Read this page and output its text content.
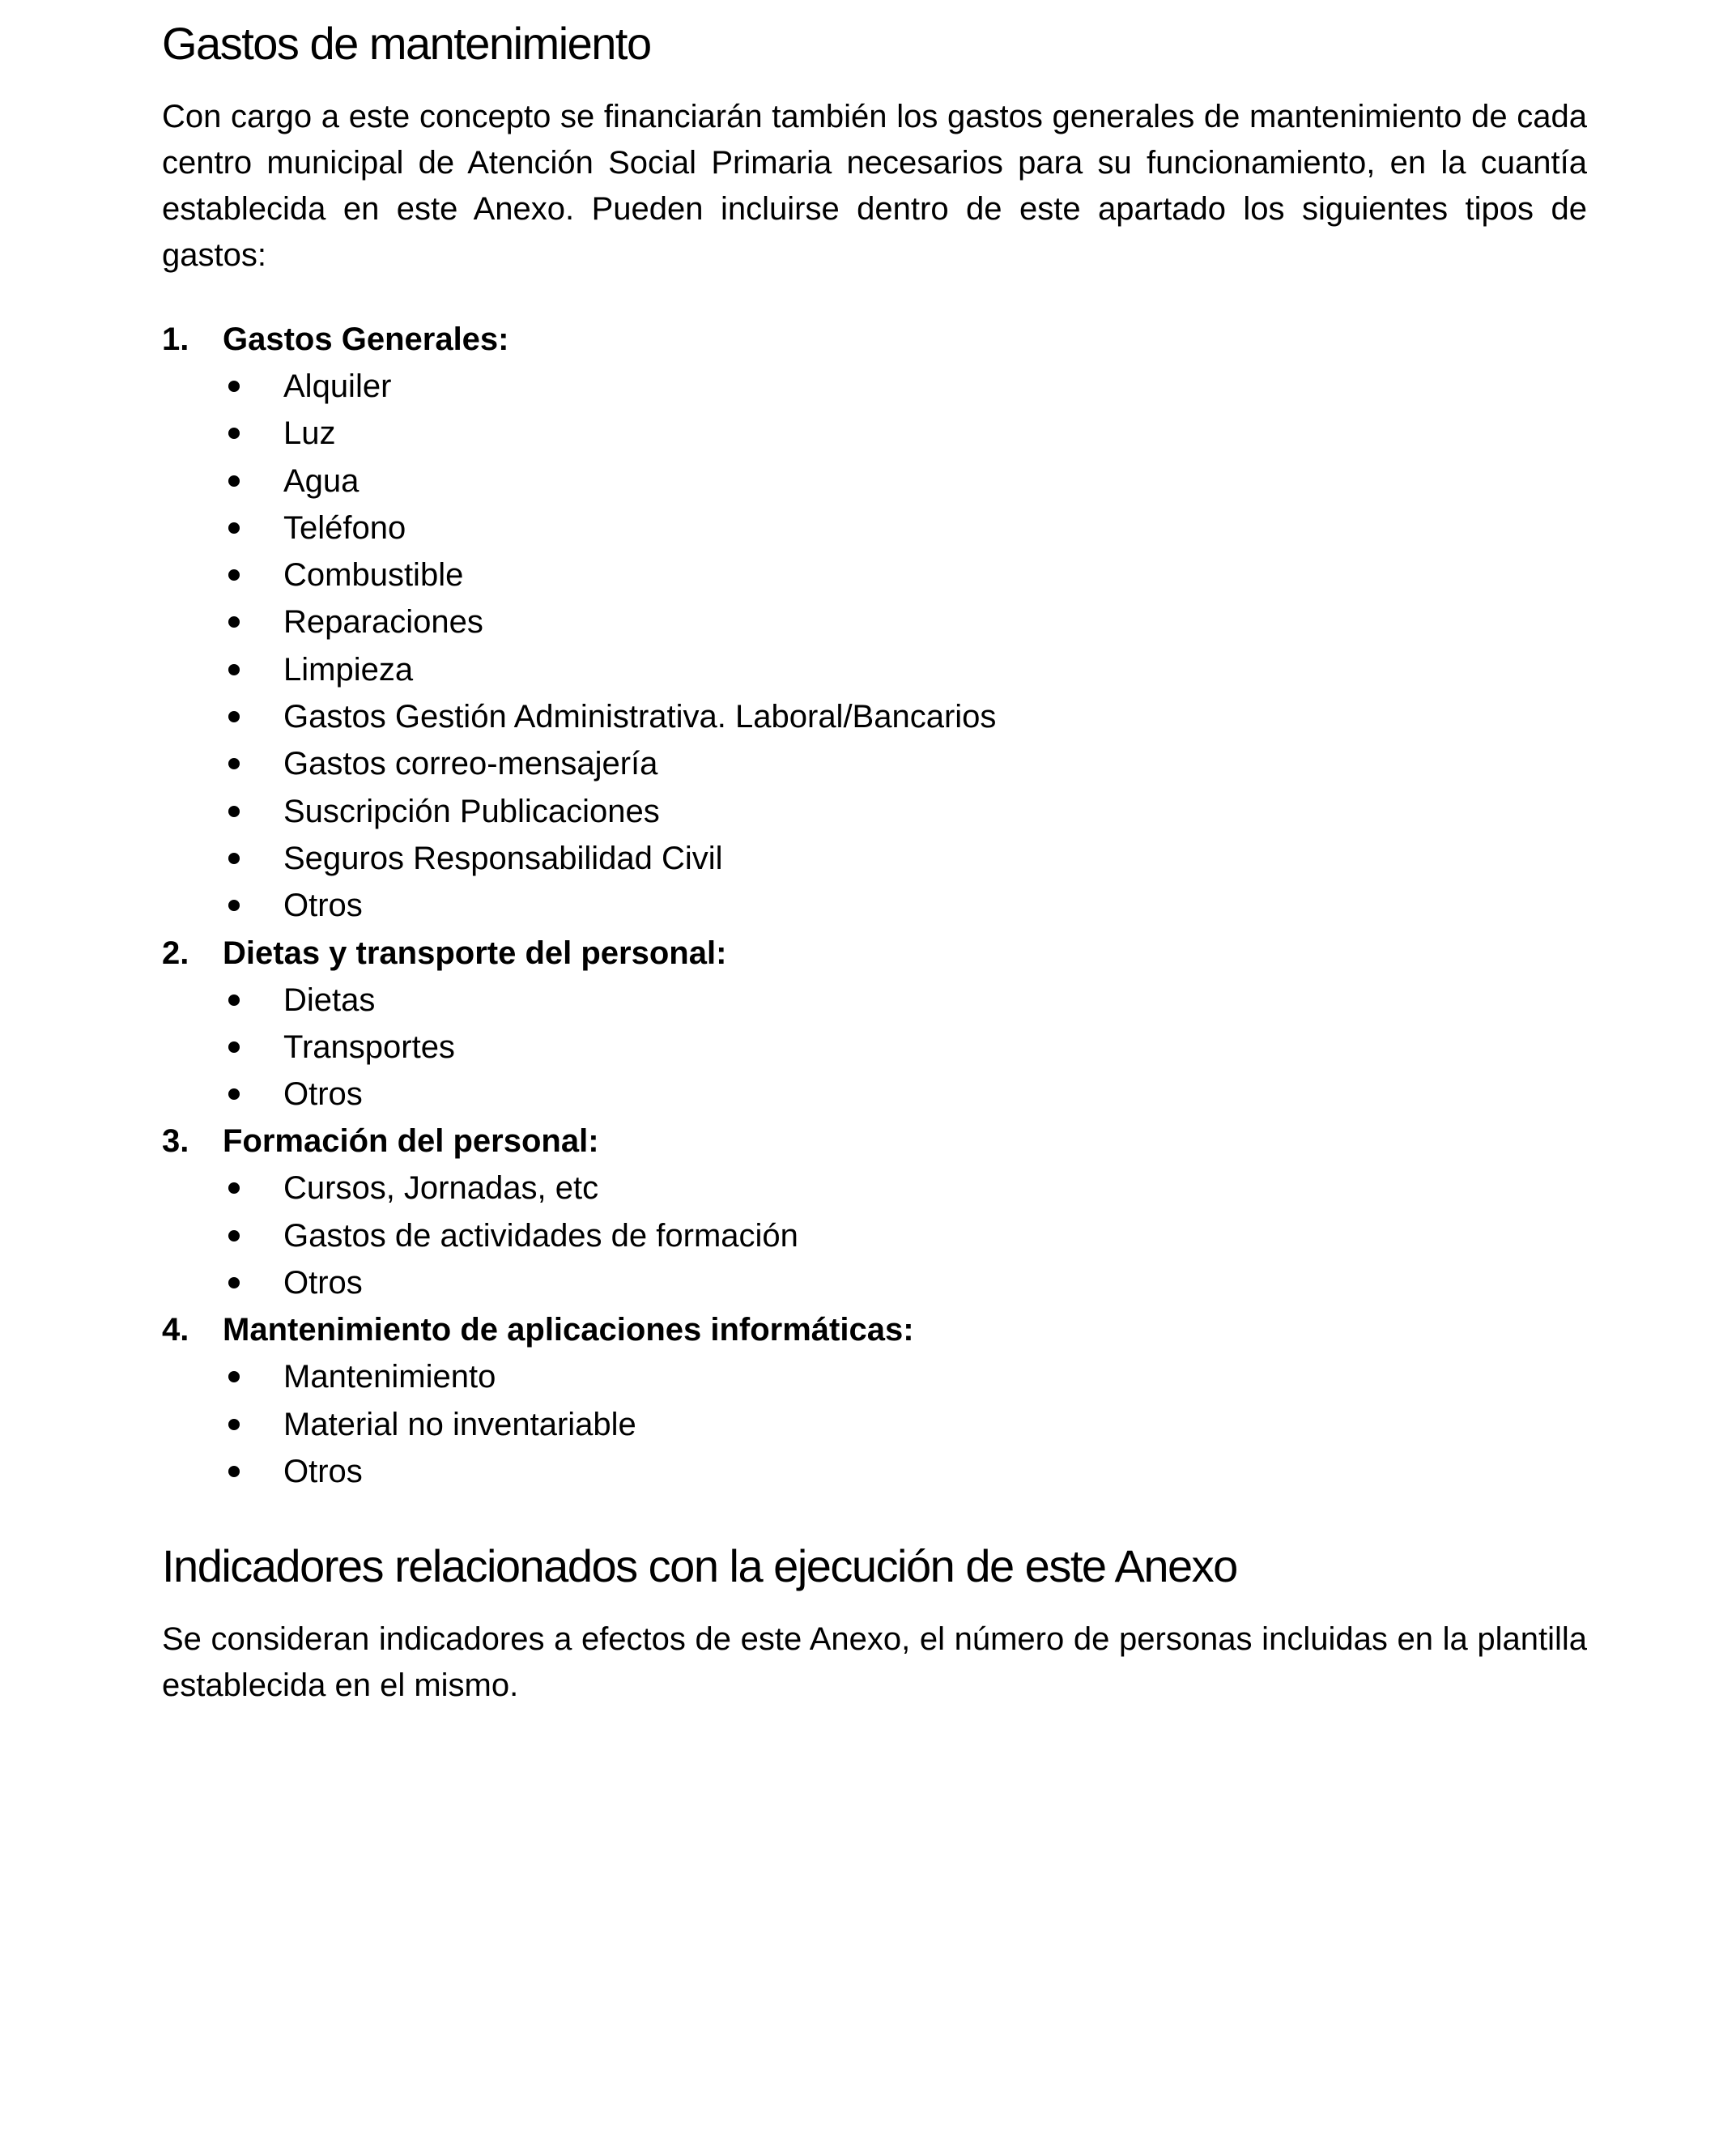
Gastos de mantenimiento

Con cargo a este concepto se financiarán también los gastos generales de mantenimiento de cada centro municipal de Atención Social Primaria necesarios para su funcionamiento, en la cuantía establecida en este Anexo. Pueden incluirse dentro de este apartado los siguientes tipos de gastos:

1. Gastos Generales:
Alquiler
Luz
Agua
Teléfono
Combustible
Reparaciones
Limpieza
Gastos Gestión Administrativa. Laboral/Bancarios
Gastos correo-mensajería
Suscripción Publicaciones
Seguros Responsabilidad Civil
Otros
2. Dietas y transporte del personal:
Dietas
Transportes
Otros
3. Formación del personal:
Cursos, Jornadas, etc
Gastos de actividades de formación
Otros
4. Mantenimiento de aplicaciones informáticas:
Mantenimiento
Material no inventariable
Otros
Indicadores relacionados con la ejecución de este Anexo

Se consideran indicadores a efectos de este Anexo, el número de personas incluidas en la plantilla establecida en el mismo.
